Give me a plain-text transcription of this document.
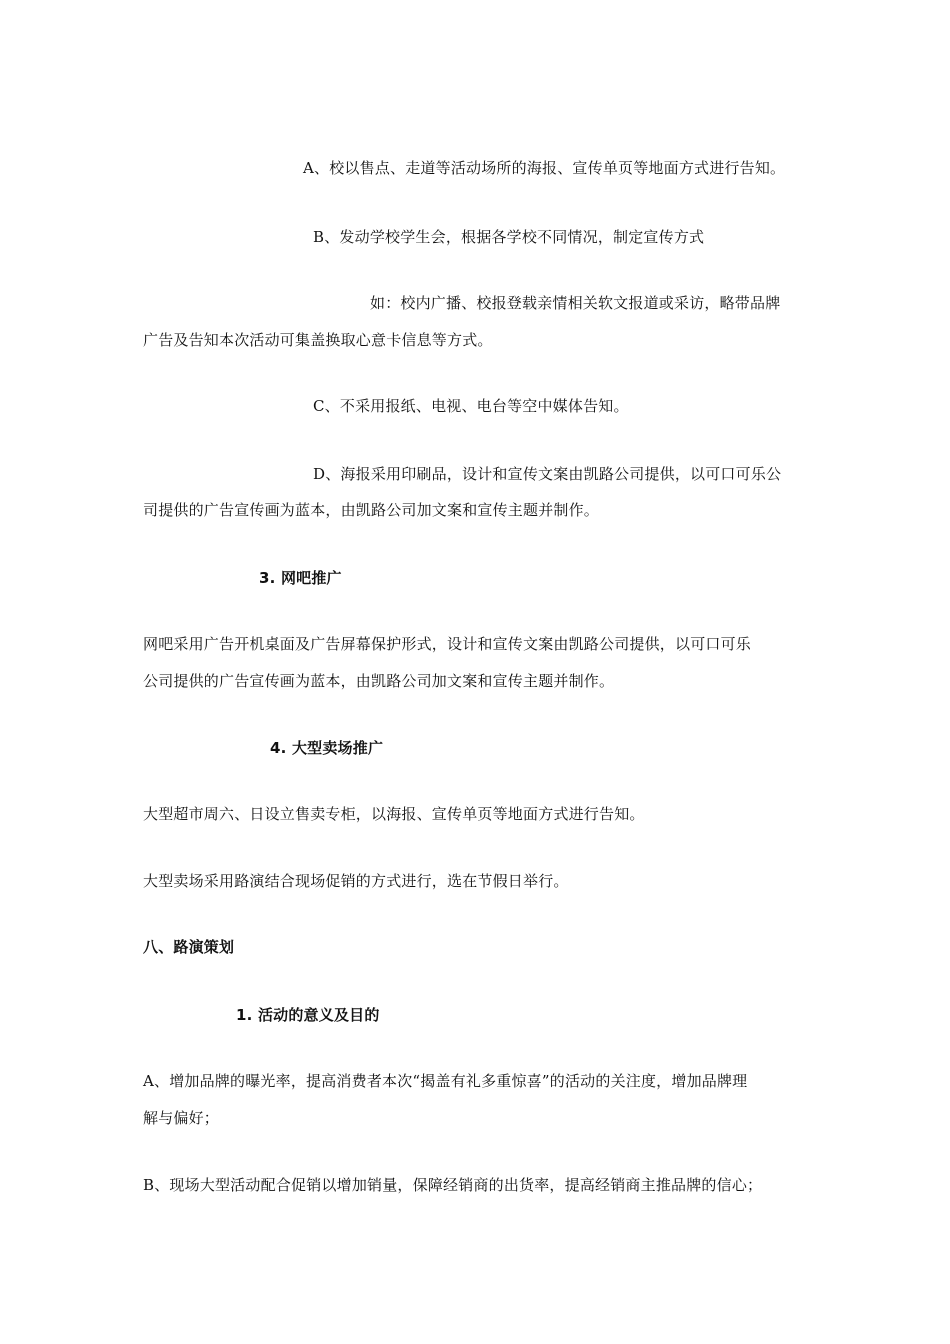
A、校以售点、走道等活动场所的海报、宣传单页等地面方式进行告知。
B、发动学校学生会，根据各学校不同情况，制定宣传方式
如：校内广播、校报登载亲情相关软文报道或采访，略带品牌
广告及告知本次活动可集盖换取心意卡信息等方式。
C、不采用报纸、电视、电台等空中媒体告知。
D、海报采用印刷品，设计和宣传文案由凯路公司提供，以可口可乐公
司提供的广告宣传画为蓝本，由凯路公司加文案和宣传主题并制作。
3. 网吧推广
网吧采用广告开机桌面及广告屏幕保护形式，设计和宣传文案由凯路公司提供，以可口可乐
公司提供的广告宣传画为蓝本，由凯路公司加文案和宣传主题并制作。
4. 大型卖场推广
大型超市周六、日设立售卖专柜，以海报、宣传单页等地面方式进行告知。
大型卖场采用路演结合现场促销的方式进行，选在节假日举行。
八、路演策划
1. 活动的意义及目的
A、增加品牌的曝光率，提高消费者本次“揭盖有礼多重惊喜”的活动的关注度，增加品牌理
解与偏好；
B、现场大型活动配合促销以增加销量，保障经销商的出货率，提高经销商主推品牌的信心；
